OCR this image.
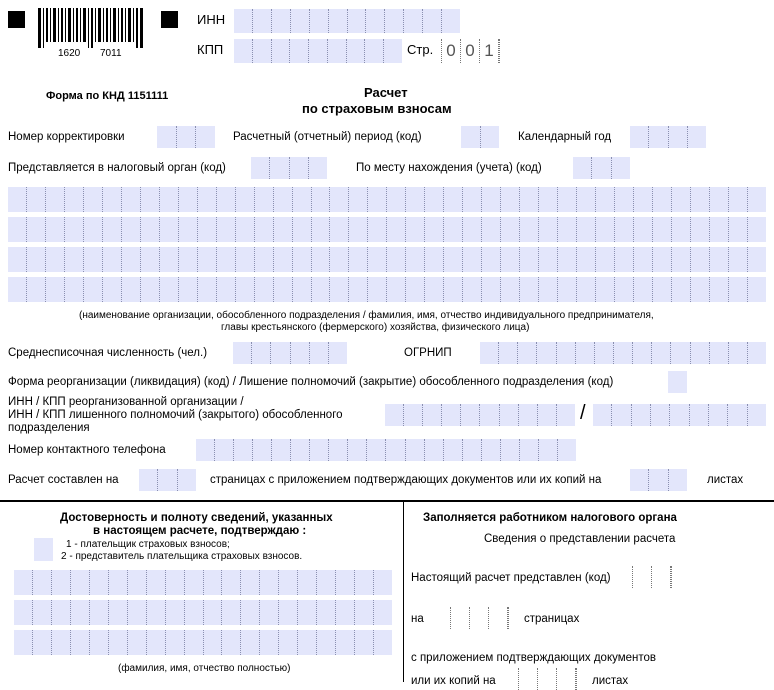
1620 7011
ИНН
КПП	Стр. 0 0 1
Форма по КНД 1151111	Расчет
по страховым взносам
Номер корректировки	Расчетный (отчетный) период (код)	Календарный год
Представляется в налоговый орган (код)	По месту нахождения (учета) (код)
(наименование организации, обособленного подразделения / фамилия, имя, отчество индивидуального предпринимателя,
главы крестьянского (фермерского) хозяйства, физического лица)
Среднесписочная численность (чел.)	ОГРНИП
Форма реорганизации (ликвидация) (код) / Лишение полномочий (закрытие) обособленного подразделения (код)
ИНН / КПП реорганизованной организации /
ИНН / КПП лишенного полномочий (закрытого) обособленного
подразделения
/
Номер контактного телефона
Расчет составлен на	страницах с приложением подтверждающих документов или их копий на	листах
Достоверность и полноту сведений, указанных
в настоящем расчете, подтверждаю :
1 - плательщик страховых взносов;
2 - представитель плательщика страховых взносов.
(фамилия, имя, отчество полностью)
Заполняется работником налогового органа
Сведения о представлении расчета
Настоящий расчет представлен (код)
на	страницах
с приложением подтверждающих документов
или их копий на	листах
